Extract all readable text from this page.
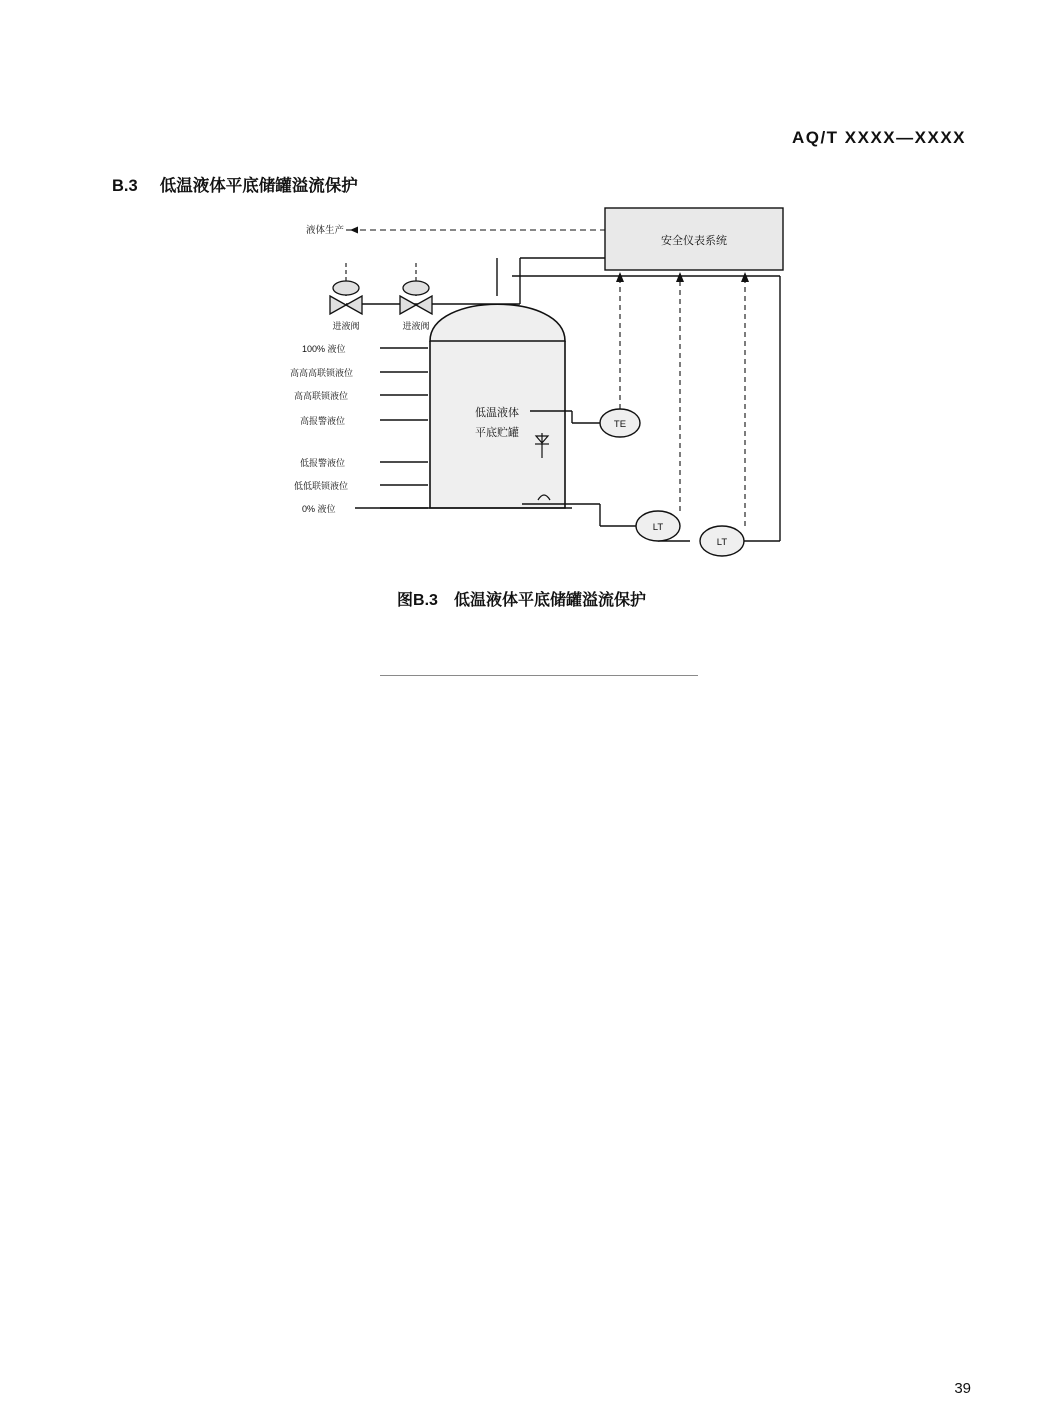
AQ/T XXXX—XXXX
B.3 低温液体平底储罐溢流保护
安全仪表系统
液体生产
低温液体
平底贮罐
进液阀	进液阀
TE
LT
LT
100% 液位
高高高联锁液位
高高联锁液位
高报警液位
低报警液位
低低联锁液位
0% 液位
图B.3 低温液体平底储罐溢流保护
39
